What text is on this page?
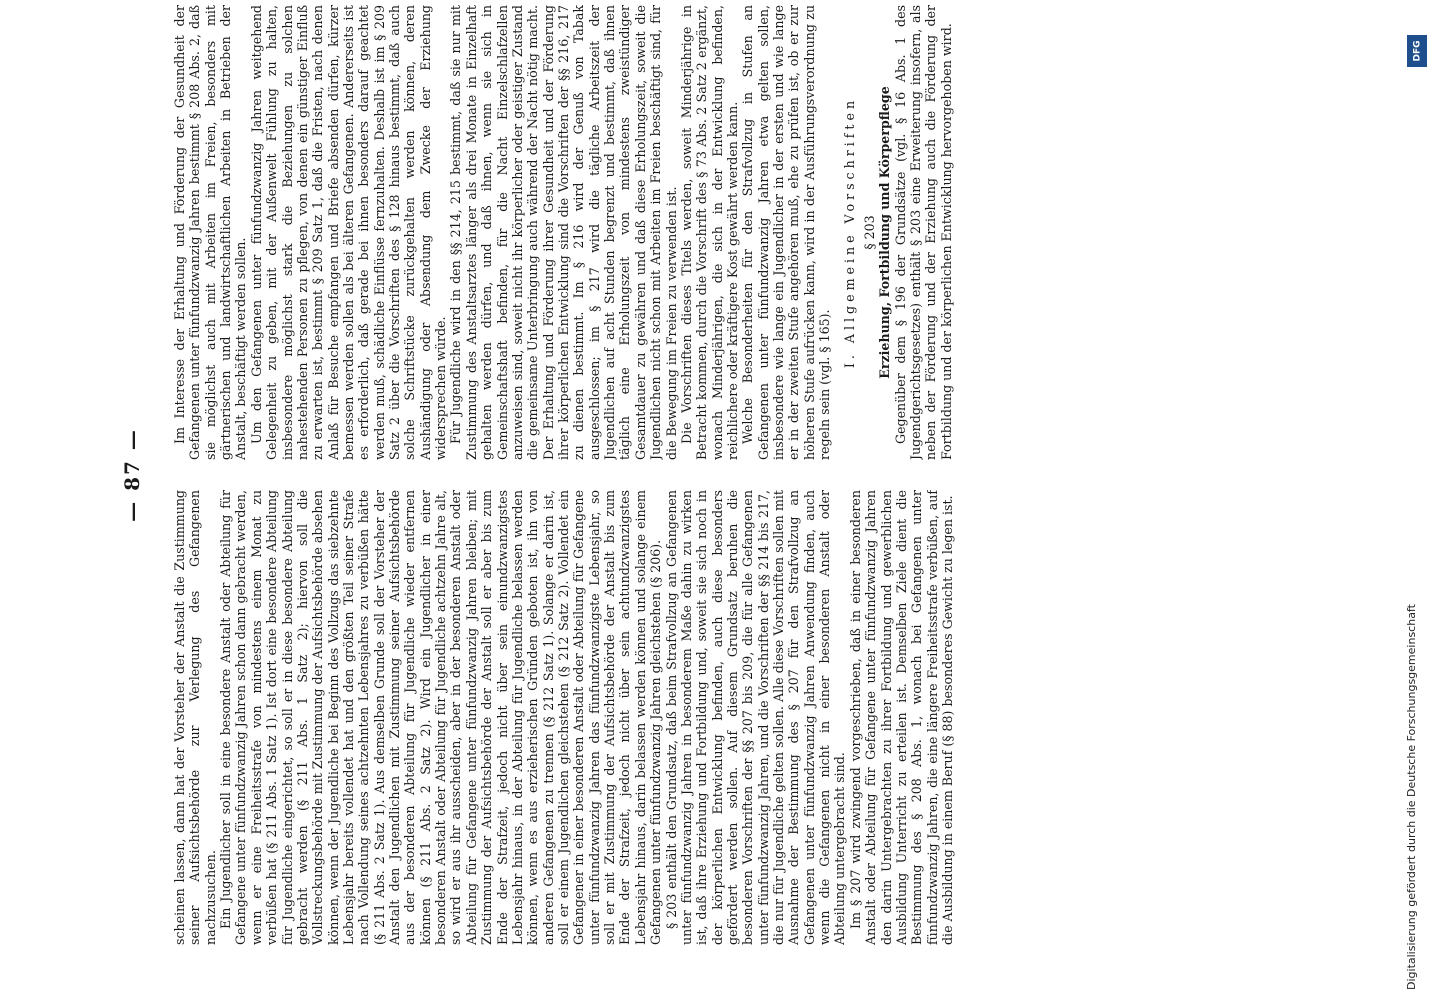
— 87 —

scheinen lassen, dann hat der Vorsteher der Anstalt die Zustimmung seiner Aufsichtsbehörde zur Verlegung des Gefangenen nachzusuchen. Ein Jugendlicher soll in eine besondere Anstalt oder Abteilung für Gefangene unter fünfundzwanzig Jahren schon dann gebracht werden, wenn er eine Freiheitsstrafe von mindestens einem Monat zu verbüßen hat (§ 211 Abs. 1 Satz 1). Ist dort eine besondere Abteilung für Jugendliche eingerichtet, so soll er in diese besondere Abteilung gebracht werden (§ 211 Abs. 1 Satz 2); hiervon soll die Vollstreckungsbehörde mit Zustimmung der Aufsichtsbehörde absehen können, wenn der Jugendliche bei Beginn des Vollzugs das siebzehnte Lebensjahr bereits vollendet hat und den größten Teil seiner Strafe nach Vollendung seines achtzehnten Lebensjahres zu verbüßen hätte (§ 211 Abs. 2 Satz 1). Aus demselben Grunde soll der Vorsteher der Anstalt den Jugendlichen mit Zustimmung seiner Aufsichtsbehörde aus der besonderen Abteilung für Jugendliche wieder entfernen können (§ 211 Abs. 2 Satz 2). Wird ein Jugendlicher in einer besonderen Anstalt oder Abteilung für Jugendliche achtzehn Jahre alt, so wird er aus ihr ausscheiden, aber in der besonderen Anstalt oder Abteilung für Gefangene unter fünfundzwanzig Jahren bleiben; mit Zustimmung der Aufsichtsbehörde der Anstalt soll er aber bis zum Ende der Strafzeit, jedoch nicht über sein einundzwanzigstes Lebensjahr hinaus, in der Abteilung für Jugendliche belassen werden können, wenn es aus erzieherischen Gründen geboten ist, ihn von anderen Gefangenen zu trennen (§ 212 Satz 1). Solange er darin ist, soll er einem Jugendlichen gleichstehen (§ 212 Satz 2). Vollendet ein Gefangener in einer besonderen Anstalt oder Abteilung für Gefangene unter fünfundzwanzig Jahren das fünfundzwanzigste Lebensjahr, so soll er mit Zustimmung der Aufsichtsbehörde der Anstalt bis zum Ende der Strafzeit, jedoch nicht über sein achtundzwanzigstes Lebensjahr hinaus, darin belassen werden können und solange einem Gefangenen unter fünfundzwanzig Jahren gleichstehen (§ 206). § 203 enthält den Grundsatz, daß beim Strafvollzug an Gefangenen unter fünfundzwanzig Jahren in besonderem Maße dahin zu wirken ist, daß ihre Erziehung und Fortbildung und, soweit sie sich noch in der körperlichen Entwicklung befinden, auch diese besonders gefördert werden sollen. Auf diesem Grundsatz beruhen die besonderen Vorschriften der §§ 207 bis 209, die für alle Gefangenen unter fünfundzwanzig Jahren, und die Vorschriften der §§ 214 bis 217, die nur für Jugendliche gelten sollen. Alle diese Vorschriften sollen mit Ausnahme der Bestimmung des § 207 für den Strafvollzug an Gefangenen unter fünfundzwanzig Jahren Anwendung finden, auch wenn die Gefangenen nicht in einer besonderen Anstalt oder Abteilung untergebracht sind. Im § 207 wird zwingend vorgeschrieben, daß in einer besonderen Anstalt oder Abteilung für Gefangene unter fünfundzwanzig Jahren den darin Untergebrachten zu ihrer Fortbildung und gewerblichen Ausbildung Unterricht zu erteilen ist. Demselben Ziele dient die Bestimmung des § 208 Abs. 1, wonach bei Gefangenen unter fünfundzwanzig Jahren, die eine längere Freiheitsstrafe verbüßen, auf die Ausbildung in einem Beruf (§ 88) besonderes Gewicht zu legen ist.

Im Interesse der Erhaltung und Förderung der Gesundheit der Gefangenen unter fünfundzwanzig Jahren bestimmt § 208 Abs. 2, daß sie möglichst auch mit Arbeiten im Freien, besonders mit gärtnerischen und landwirtschaftlichen Arbeiten in Betrieben der Anstalt, beschäftigt werden sollen. Um den Gefangenen unter fünfundzwanzig Jahren weitgehend Gelegenheit zu geben, mit der Außenwelt Fühlung zu halten, insbesondere möglichst stark die Beziehungen zu solchen nahestehenden Personen zu pflegen, von denen ein günstiger Einfluß zu erwarten ist, bestimmt § 209 Satz 1, daß die Fristen, nach denen Anlaß für Besuche empfangen und Briefe absenden dürfen, kürzer bemessen werden sollen als bei älteren Gefangenen. Andererseits ist es erforderlich, daß gerade bei ihnen besonders darauf geachtet werden muß, schädliche Einflüsse fernzuhalten. Deshalb ist im § 209 Satz 2 über die Vorschriften des § 128 hinaus bestimmt, daß auch solche Schriftstücke zurückgehalten werden können, deren Aushändigung oder Absendung dem Zwecke der Erziehung widersprechen würde. Für Jugendliche wird in den §§ 214, 215 bestimmt, daß sie nur mit Zustimmung des Anstaltsarztes länger als drei Monate in Einzelhaft gehalten werden dürfen, und daß ihnen, wenn sie sich in Gemeinschaftshaft befinden, für die Nacht Einzelschlafzellen anzuweisen sind, soweit nicht ihr körperlicher oder geistiger Zustand die gemeinsame Unterbringung auch während der Nacht nötig macht. Der Erhaltung und Förderung ihrer Gesundheit und der Förderung ihrer körperlichen Entwicklung sind die Vorschriften der §§ 216, 217 zu dienen bestimmt. Im § 216 wird der Genuß von Tabak ausgeschlossen; im § 217 wird die tägliche Arbeitszeit der Jugendlichen auf acht Stunden begrenzt und bestimmt, daß ihnen täglich eine Erholungszeit von mindestens zweistündiger Gesamtdauer zu gewähren und daß diese Erholungszeit, soweit die Jugendlichen nicht schon mit Arbeiten im Freien beschäftigt sind, für die Bewegung im Freien zu verwenden ist. Die Vorschriften dieses Titels werden, soweit Minderjährige in Betracht kommen, durch die Vorschrift des § 73 Abs. 2 Satz 2 ergänzt, wonach Minderjährigen, die sich in der Entwicklung befinden, reichlichere oder kräftigere Kost gewährt werden kann. Welche Besonderheiten für den Strafvollzug in Stufen an Gefangenen unter fünfundzwanzig Jahren etwa gelten sollen, insbesondere wie lange ein Jugendlicher in der ersten und wie lange er in der zweiten Stufe angehören muß, ehe zu prüfen ist, ob er zur höheren Stufe aufrücken kann, wird in der Ausführungsverordnung zu regeln sein (vgl. § 165).

I. Allgemeine Vorschriften § 203 Erziehung, Fortbildung und Körperpflege Gegenüber dem § 196 der Grundsätze (vgl. § 16 Abs. 1 des Jugendgerichtsgesetzes) enthält § 203 eine Erweiterung insofern, als neben der Förderung und der Erziehung auch die Förderung der Fortbildung und der körperlichen Entwicklung hervorgehoben wird.	DFG
Digitalisierung gefördert durch die Deutsche Forschungsgemeinschaft
